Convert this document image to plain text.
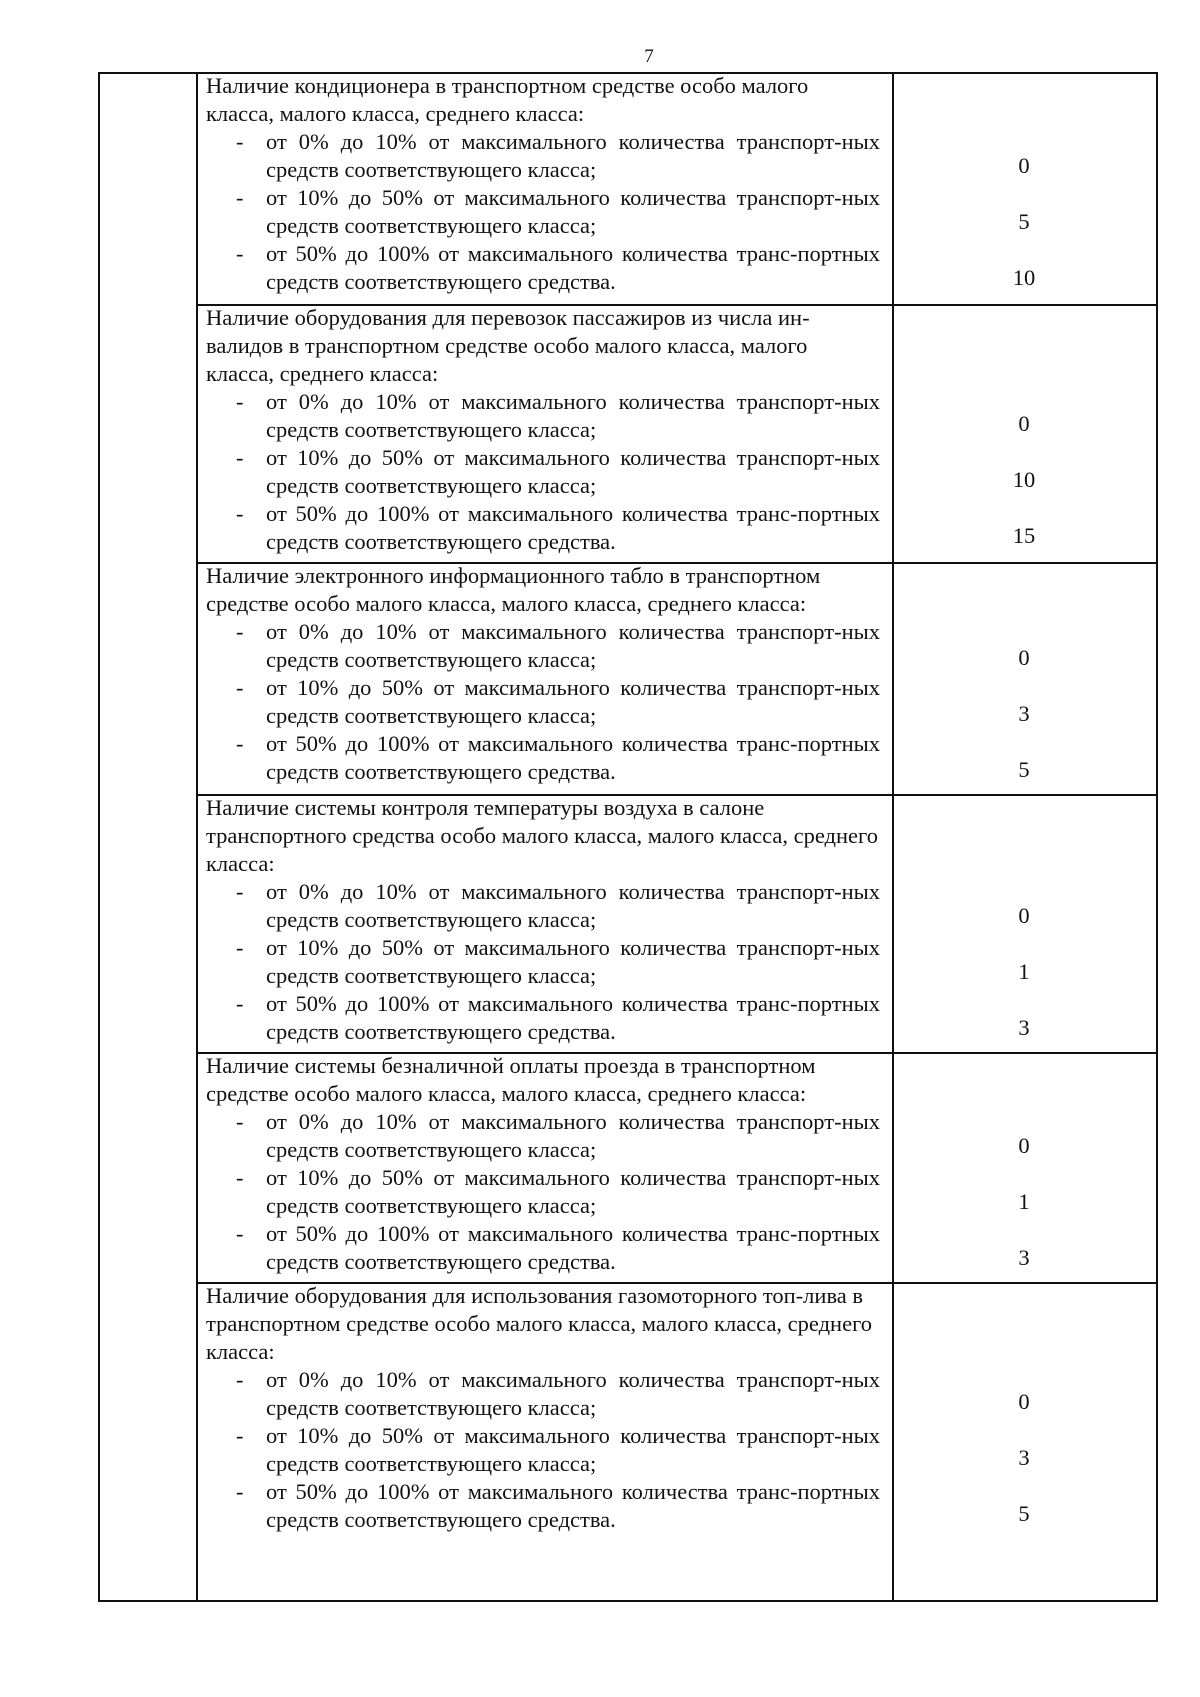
7
Наличие кондиционера в транспортном средстве особо малого класса, малого класса, среднего класса:
-	от 0% до 10% от максимального количества транспорт-ных средств соответствующего класса;
-	от 10% до 50% от максимального количества транспорт-ных средств соответствующего класса;
-	от 50% до 100% от максимального количества транс-портных средств соответствующего средства.
0
5
10
Наличие оборудования для перевозок пассажиров из числа ин-валидов в транспортном средстве особо малого класса, малого класса, среднего класса:
-	от 0% до 10% от максимального количества транспорт-ных средств соответствующего класса;
-	от 10% до 50% от максимального количества транспорт-ных средств соответствующего класса;
-	от 50% до 100% от максимального количества транс-портных средств соответствующего средства.
0
10
15
Наличие электронного информационного табло в транспортном средстве особо малого класса, малого класса, среднего класса:
-	от 0% до 10% от максимального количества транспорт-ных средств соответствующего класса;
-	от 10% до 50% от максимального количества транспорт-ных средств соответствующего класса;
-	от 50% до 100% от максимального количества транс-портных средств соответствующего средства.
0
3
5
Наличие системы контроля температуры воздуха в салоне транспортного средства особо малого класса, малого класса, среднего класса:
-	от 0% до 10% от максимального количества транспорт-ных средств соответствующего класса;
-	от 10% до 50% от максимального количества транспорт-ных средств соответствующего класса;
-	от 50% до 100% от максимального количества транс-портных средств соответствующего средства.
0
1
3
Наличие системы безналичной оплаты проезда в транспортном средстве особо малого класса, малого класса, среднего класса:
-	от 0% до 10% от максимального количества транспорт-ных средств соответствующего класса;
-	от 10% до 50% от максимального количества транспорт-ных средств соответствующего класса;
-	от 50% до 100% от максимального количества транс-портных средств соответствующего средства.
0
1
3
Наличие оборудования для использования газомоторного топ-лива в транспортном средстве особо малого класса, малого класса, среднего класса:
-	от 0% до 10% от максимального количества транспорт-ных средств соответствующего класса;
-	от 10% до 50% от максимального количества транспорт-ных средств соответствующего класса;
-	от 50% до 100% от максимального количества транс-портных средств соответствующего средства.
0
3
5
